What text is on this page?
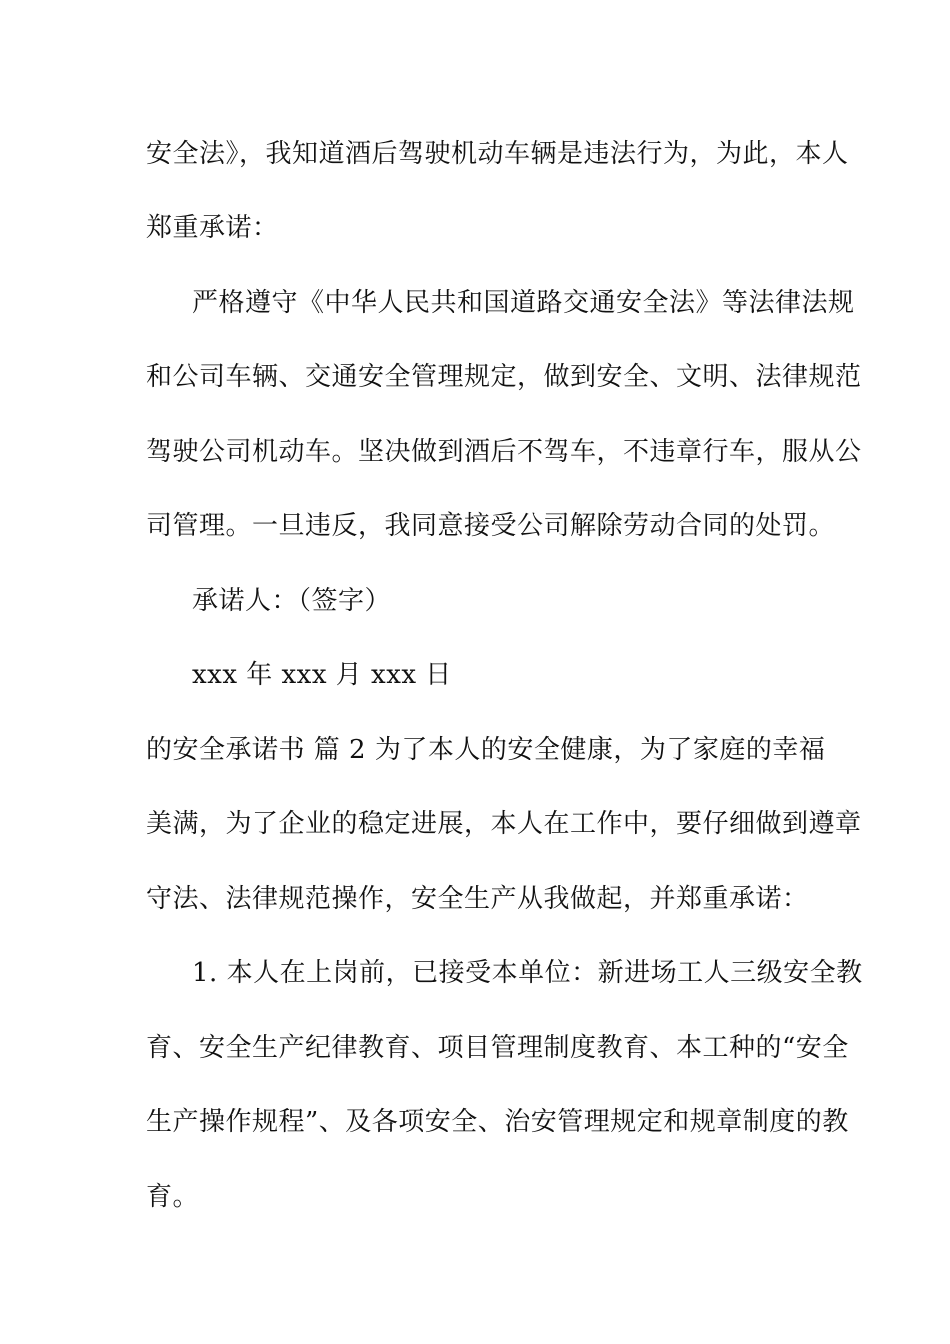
安全法》，我知道酒后驾驶机动车辆是违法行为，为此，本人
郑重承诺：
严格遵守《中华人民共和国道路交通安全法》等法律法规
和公司车辆、交通安全管理规定，做到安全、文明、法律规范
驾驶公司机动车。坚决做到酒后不驾车，不违章行车，服从公
司管理。一旦违反，我同意接受公司解除劳动合同的处罚。
承诺人：（签字）
xxx 年 xxx 月 xxx 日
的安全承诺书 篇 2 为了本人的安全健康，为了家庭的幸福
美满，为了企业的稳定进展，本人在工作中，要仔细做到遵章
守法、法律规范操作，安全生产从我做起，并郑重承诺：
1. 本人在上岗前，已接受本单位：新进场工人三级安全教
育、安全生产纪律教育、项目管理制度教育、本工种的“安全
生产操作规程”、及各项安全、治安管理规定和规章制度的教
育。
